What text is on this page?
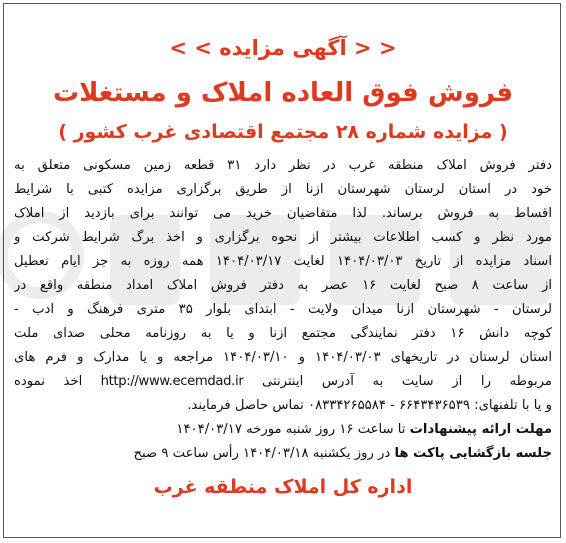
< < آگهی مزایده > >
فروش فوق العاده املاک و مستغلات
( مزایده شماره ۲۸ مجتمع اقتصادی غرب کشور )
دفتر فروش املاک منطقه غرب در نظر دارد ۳۱ قطعه زمین مسکونی متعلق به
خود در استان لرستان شهرستان ازنا از طریق برگزاری مزایده کتبی با شرایط
اقساط به فروش برساند. لذا متقاضیان خرید می توانند برای بازدید از املاک
مورد نظر و کسب اطلاعات بیشتر از نحوه برگزاری و اخذ برگ شرایط شرکت و
اسناد مزایده از تاریخ ۱۴۰۴/۰۳/۰۳ لغایت ۱۴۰۴/۰۳/۱۷ همه روزه به جز ایام تعطیل
از ساعت ۸ صبح لغایت ۱۶ عصر به دفتر فروش املاک امداد منطقه واقع در
لرستان - شهرستان ازنا میدان ولایت - ابتدای بلوار ۳۵ متری فرهنگ و ادب -
کوچه دانش ۱۶ دفتر نمایندگی مجتمع ازنا و یا به روزنامه محلی صدای ملت
استان لرستان در تاریخهای ۱۴۰۴/۰۳/۰۳ و ۱۴۰۴/۰۳/۱۰ مراجعه و یا مدارک و فرم های
مربوطه را از سایت به آدرس اینترنتی http://www.ecemdad.ir اخذ نموده
و یا با تلفنهای: ۶۶۴۳۴۳۶۵۳۹ - ۰۸۳۳۴۲۶۵۵۸۴ تماس حاصل فرمایند.
مهلت ارائه پیشنهادات تا ساعت ۱۶ روز شنبه مورخه ۱۴۰۴/۰۳/۱۷
جلسه بازگشایی پاکت ها در روز یکشنبه ۱۴۰۴/۰۳/۱۸ رأس ساعت ۹ صبح
اداره کل املاک منطقه غرب
